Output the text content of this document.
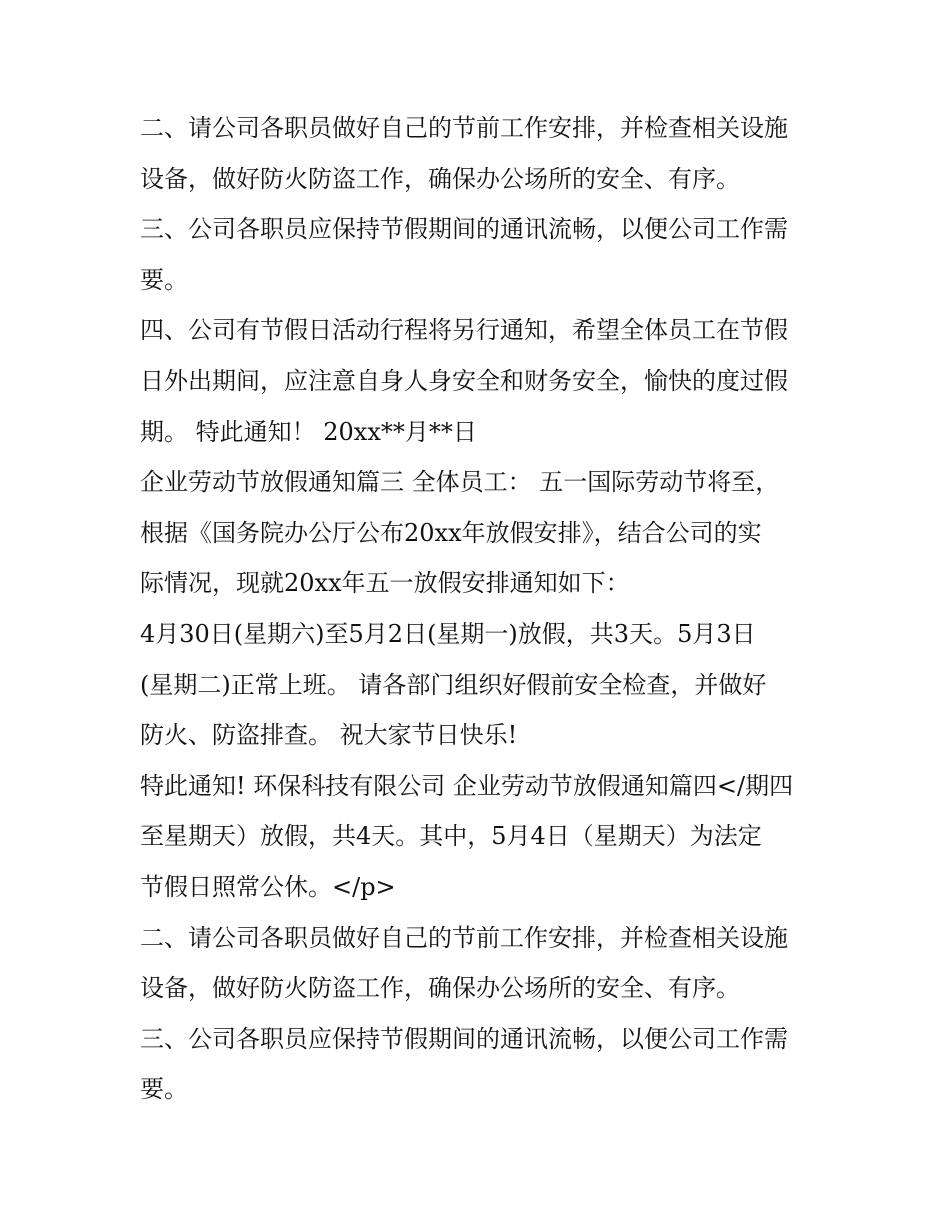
二、请公司各职员做好自己的节前工作安排，并检查相关设施
设备，做好防火防盗工作，确保办公场所的安全、有序。

三、公司各职员应保持节假期间的通讯流畅，以便公司工作需
要。

四、公司有节假日活动行程将另行通知，希望全体员工在节假
日外出期间，应注意自身人身安全和财务安全，愉快的度过假
期。 特此通知！ 20xx**月**日

企业劳动节放假通知篇三 全体员工： 五一国际劳动节将至，
根据《国务院办公厅公布20xx年放假安排》，结合公司的实
际情况，现就20xx年五一放假安排通知如下：

4月30日(星期六)至5月2日(星期一)放假，共3天。5月3日
(星期二)正常上班。 请各部门组织好假前安全检查，并做好
防火、防盗排查。 祝大家节日快乐!

特此通知! 环保科技有限公司 企业劳动节放假通知篇四</期四
至星期天）放假，共4天。其中，5月4日（星期天）为法定
节假日照常公休。</p>

二、请公司各职员做好自己的节前工作安排，并检查相关设施
设备，做好防火防盗工作，确保办公场所的安全、有序。

三、公司各职员应保持节假期间的通讯流畅，以便公司工作需
要。
